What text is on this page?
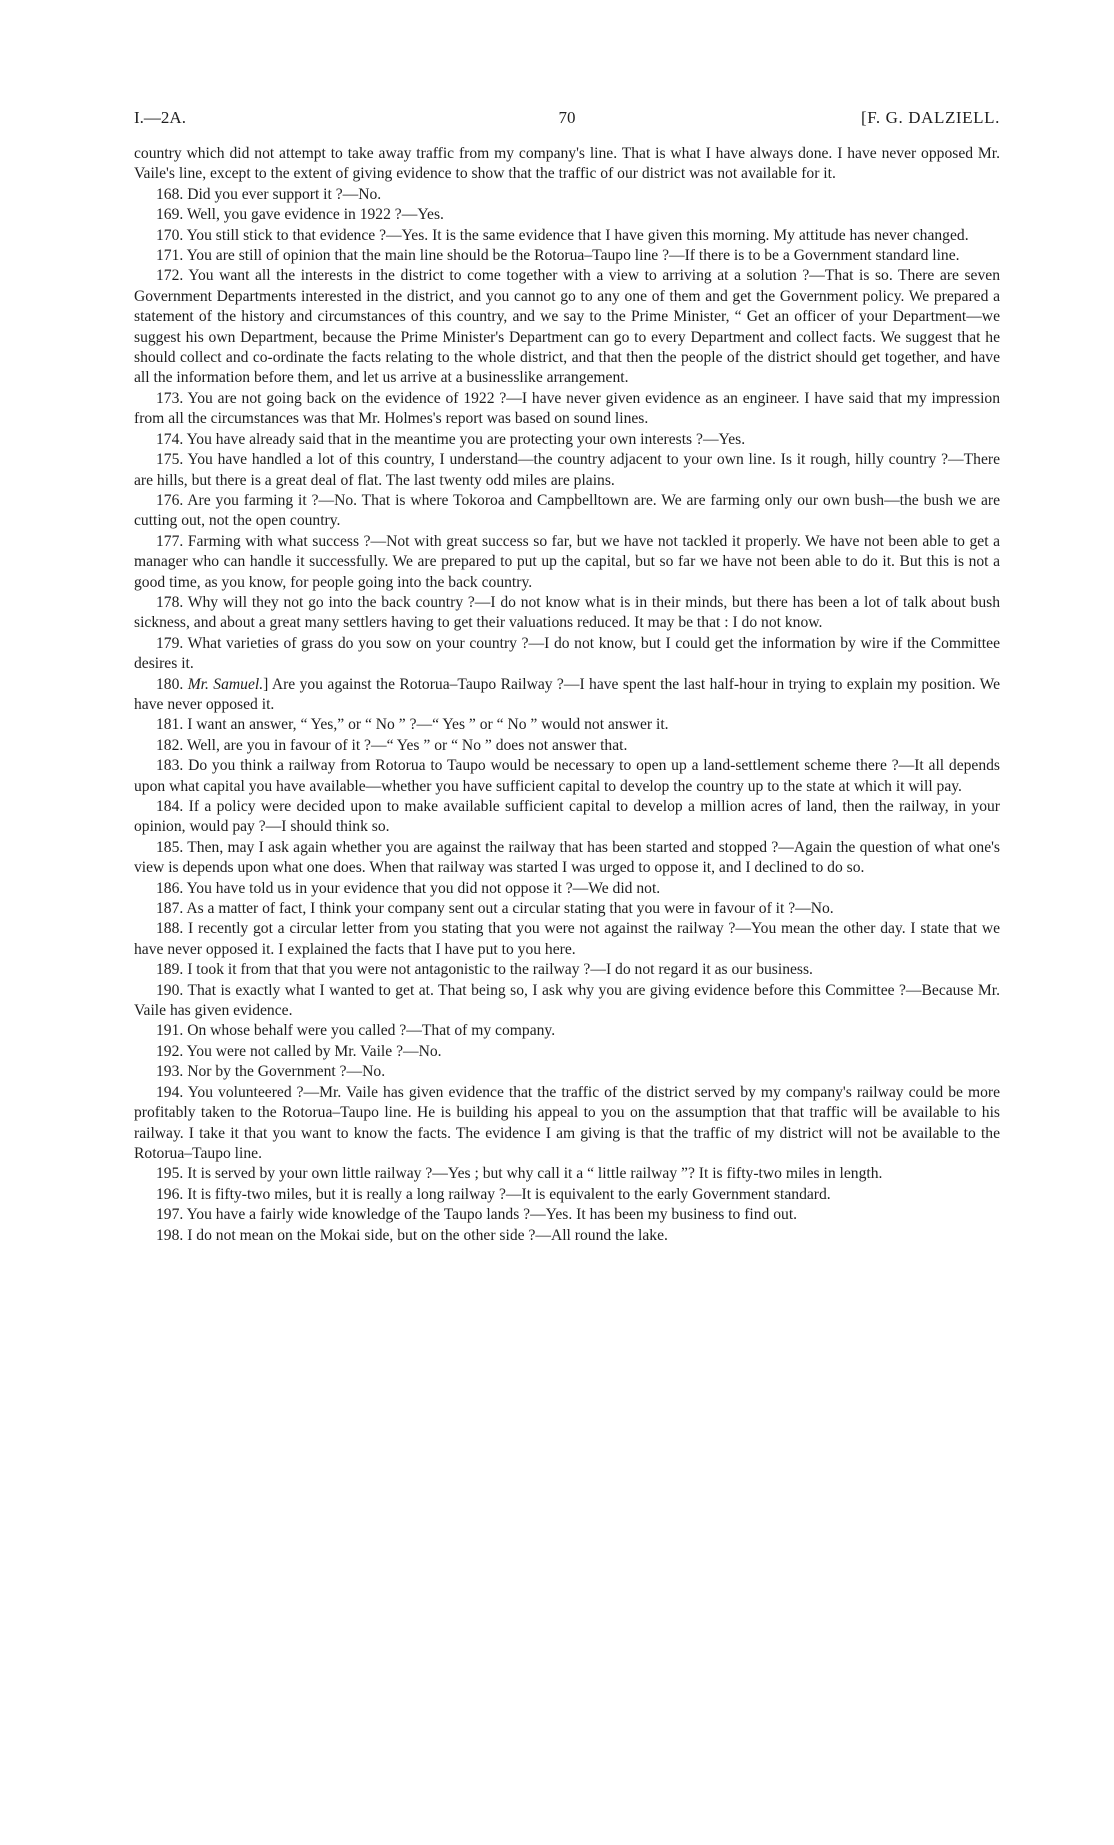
I.—2A.	70	[F. G. DALZIELL.

country which did not attempt to take away traffic from my company's line. That is what I have always done. I have never opposed Mr. Vaile's line, except to the extent of giving evidence to show that the traffic of our district was not available for it.

168. Did you ever support it ?—No.

169. Well, you gave evidence in 1922 ?—Yes.

170. You still stick to that evidence ?—Yes. It is the same evidence that I have given this morning. My attitude has never changed.

171. You are still of opinion that the main line should be the Rotorua–Taupo line ?—If there is to be a Government standard line.

172. You want all the interests in the district to come together with a view to arriving at a solution ?—That is so. There are seven Government Departments interested in the district, and you cannot go to any one of them and get the Government policy. We prepared a statement of the history and circumstances of this country, and we say to the Prime Minister, “ Get an officer of your Department—we suggest his own Department, because the Prime Minister's Department can go to every Department and collect facts. We suggest that he should collect and co-ordinate the facts relating to the whole district, and that then the people of the district should get together, and have all the information before them, and let us arrive at a businesslike arrangement.

173. You are not going back on the evidence of 1922 ?—I have never given evidence as an engineer. I have said that my impression from all the circumstances was that Mr. Holmes's report was based on sound lines.

174. You have already said that in the meantime you are protecting your own interests ?—Yes.

175. You have handled a lot of this country, I understand—the country adjacent to your own line. Is it rough, hilly country ?—There are hills, but there is a great deal of flat. The last twenty odd miles are plains.

176. Are you farming it ?—No. That is where Tokoroa and Campbelltown are. We are farming only our own bush—the bush we are cutting out, not the open country.

177. Farming with what success ?—Not with great success so far, but we have not tackled it properly. We have not been able to get a manager who can handle it successfully. We are prepared to put up the capital, but so far we have not been able to do it. But this is not a good time, as you know, for people going into the back country.

178. Why will they not go into the back country ?—I do not know what is in their minds, but there has been a lot of talk about bush sickness, and about a great many settlers having to get their valuations reduced. It may be that : I do not know.

179. What varieties of grass do you sow on your country ?—I do not know, but I could get the information by wire if the Committee desires it.

180. Mr. Samuel.] Are you against the Rotorua–Taupo Railway ?—I have spent the last half-hour in trying to explain my position. We have never opposed it.

181. I want an answer, “ Yes,” or “ No ” ?—“ Yes ” or “ No ” would not answer it.

182. Well, are you in favour of it ?—“ Yes ” or “ No ” does not answer that.

183. Do you think a railway from Rotorua to Taupo would be necessary to open up a land-settlement scheme there ?—It all depends upon what capital you have available—whether you have sufficient capital to develop the country up to the state at which it will pay.

184. If a policy were decided upon to make available sufficient capital to develop a million acres of land, then the railway, in your opinion, would pay ?—I should think so.

185. Then, may I ask again whether you are against the railway that has been started and stopped ?—Again the question of what one's view is depends upon what one does. When that railway was started I was urged to oppose it, and I declined to do so.

186. You have told us in your evidence that you did not oppose it ?—We did not.

187. As a matter of fact, I think your company sent out a circular stating that you were in favour of it ?—No.

188. I recently got a circular letter from you stating that you were not against the railway ?—You mean the other day. I state that we have never opposed it. I explained the facts that I have put to you here.

189. I took it from that that you were not antagonistic to the railway ?—I do not regard it as our business.

190. That is exactly what I wanted to get at. That being so, I ask why you are giving evidence before this Committee ?—Because Mr. Vaile has given evidence.

191. On whose behalf were you called ?—That of my company.

192. You were not called by Mr. Vaile ?—No.

193. Nor by the Government ?—No.

194. You volunteered ?—Mr. Vaile has given evidence that the traffic of the district served by my company's railway could be more profitably taken to the Rotorua–Taupo line. He is building his appeal to you on the assumption that that traffic will be available to his railway. I take it that you want to know the facts. The evidence I am giving is that the traffic of my district will not be available to the Rotorua–Taupo line.

195. It is served by your own little railway ?—Yes ; but why call it a “ little railway ”? It is fifty-two miles in length.

196. It is fifty-two miles, but it is really a long railway ?—It is equivalent to the early Government standard.

197. You have a fairly wide knowledge of the Taupo lands ?—Yes. It has been my business to find out.

198. I do not mean on the Mokai side, but on the other side ?—All round the lake.
